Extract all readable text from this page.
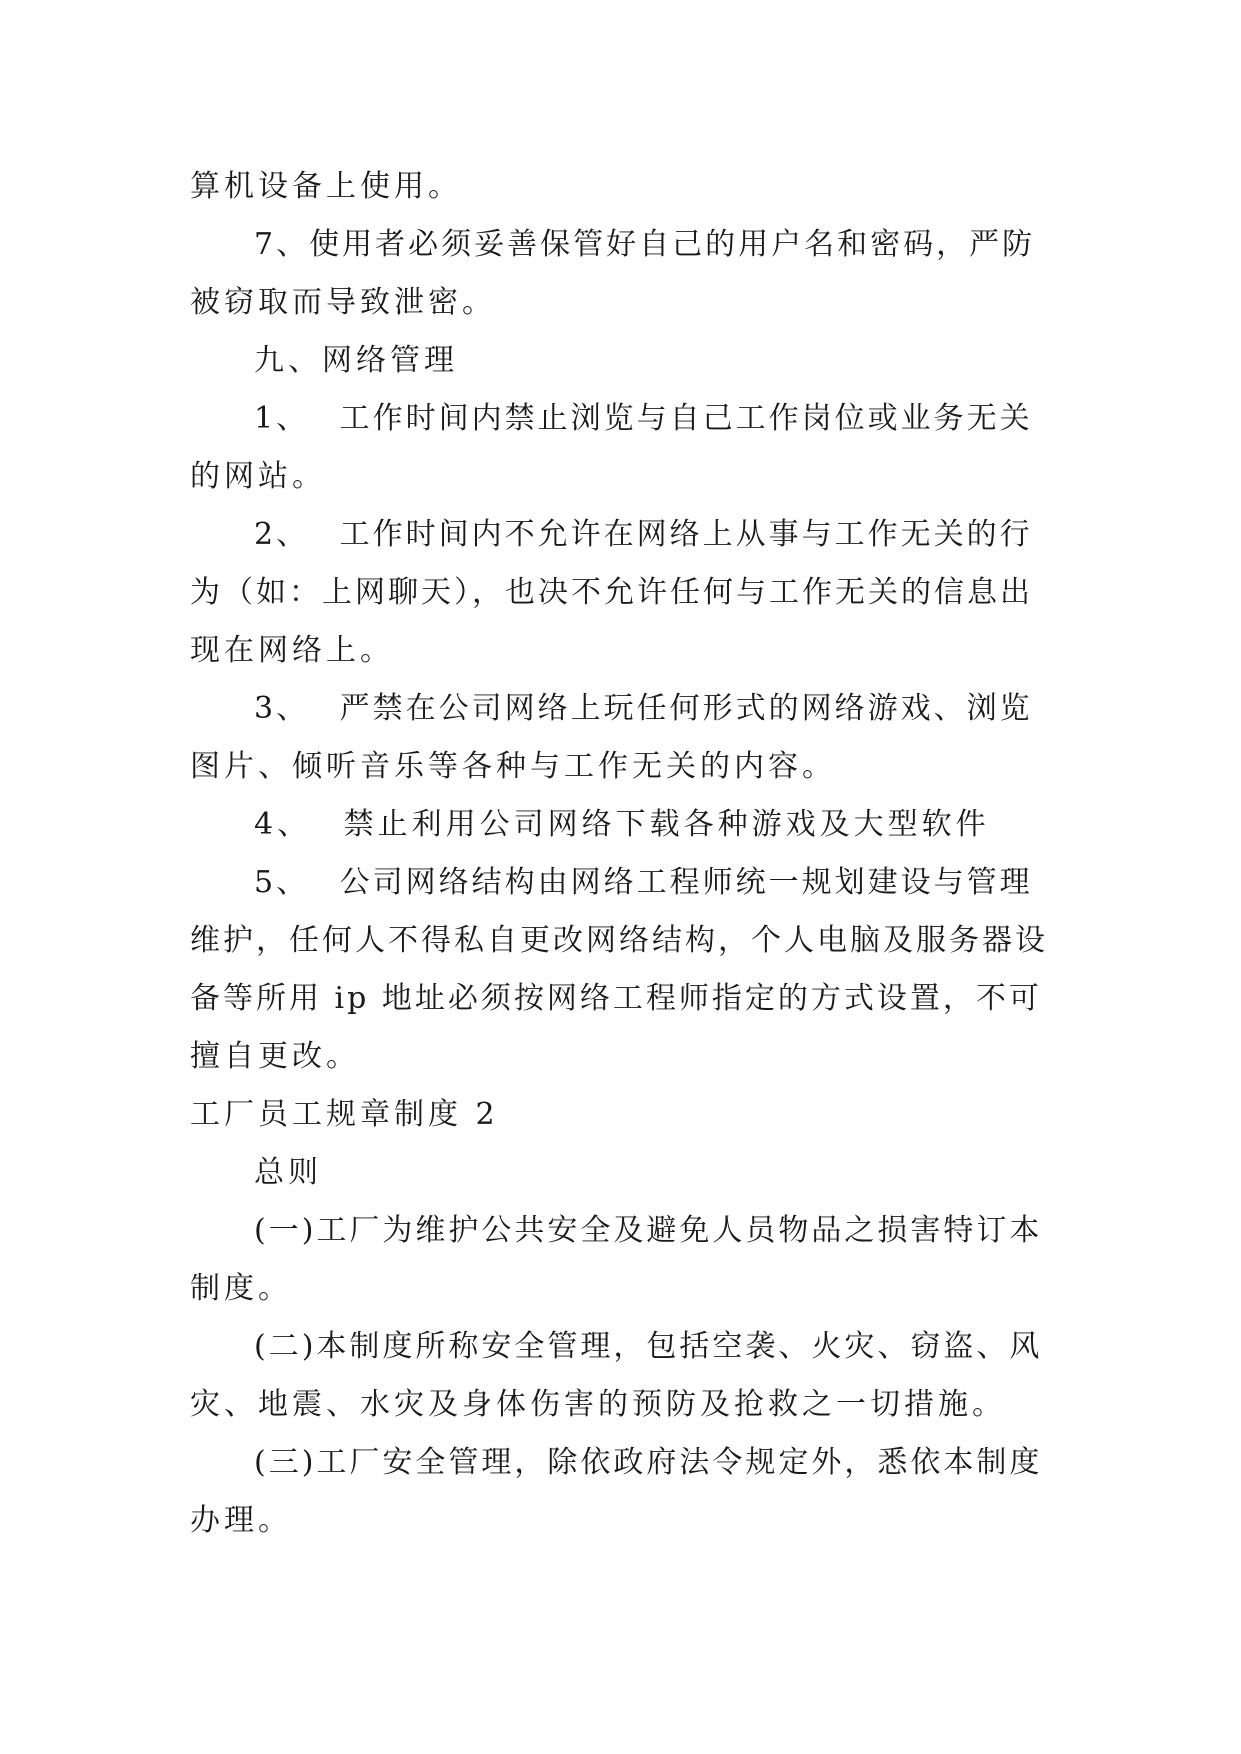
算机设备上使用。
7、使用者必须妥善保管好自己的用户名和密码，严防
被窃取而导致泄密。
九、网络管理
1、　 工作时间内禁止浏览与自己工作岗位或业务无关
的网站。
2、　 工作时间内不允许在网络上从事与工作无关的行
为（如：上网聊天），也决不允许任何与工作无关的信息出
现在网络上。
3、　 严禁在公司网络上玩任何形式的网络游戏、浏览
图片、倾听音乐等各种与工作无关的内容。
4、　 禁止利用公司网络下载各种游戏及大型软件
5、　 公司网络结构由网络工程师统一规划建设与管理
维护，任何人不得私自更改网络结构，个人电脑及服务器设
备等所用 ip 地址必须按网络工程师指定的方式设置，不可
擅自更改。
工厂员工规章制度 2
总则
(一)工厂为维护公共安全及避免人员物品之损害特订本
制度。
(二)本制度所称安全管理，包括空袭、火灾、窃盗、风
灾、地震、水灾及身体伤害的预防及抢救之一切措施。
(三)工厂安全管理，除依政府法令规定外，悉依本制度
办理。
